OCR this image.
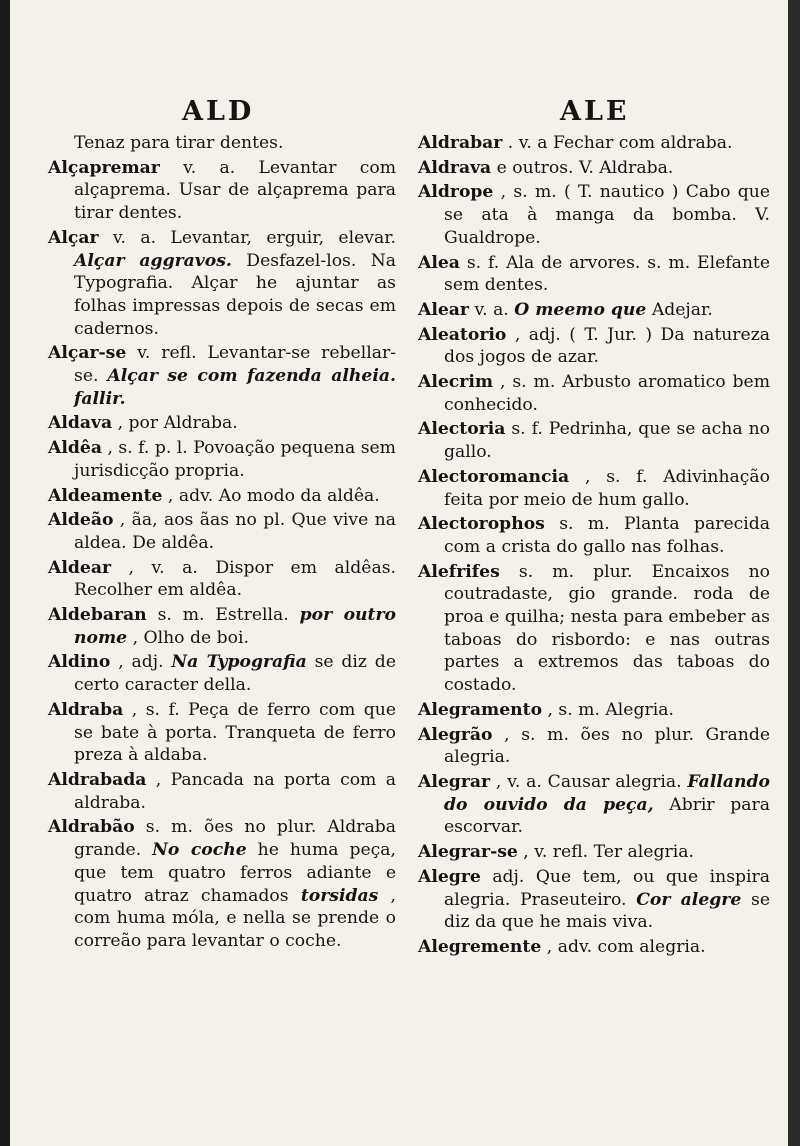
ALD	ALE

Tenaz para tirar dentes.

Alçapremar v. a. Levantar com alçaprema. Usar de alçaprema para tirar dentes.

Alçar v. a. Levantar, erguir, elevar. Alçar aggravos. Desfazel-los. Na Typografia. Alçar he ajuntar as folhas impressas depois de secas em cadernos.

Alçar-se v. refl. Levantar-se rebellar-se. Alçar se com fazenda alheia. fallir.

Aldava , por Aldraba.

Aldêa , s. f. p. l. Povoação pequena sem jurisdicção propria.

Aldeamente , adv. Ao modo da aldêa.

Aldeão , ãa, aos ãas no pl. Que vive na aldea. De aldêa.

Aldear , v. a. Dispor em aldêas. Recolher em aldêa.

Aldebaran s. m. Estrella. por outro nome , Olho de boi.

Aldino , adj. Na Typografia se diz de certo caracter della.

Aldraba , s. f. Peça de ferro com que se bate à porta. Tranqueta de ferro preza à aldaba.

Aldrabada , Pancada na porta com a aldraba.

Aldrabão s. m. ões no plur. Aldraba grande. No coche he huma peça, que tem quatro ferros adiante e quatro atraz chamados torsidas , com huma móla, e nella se prende o correão para levantar o coche.

Aldrabar . v. a Fechar com aldraba.

Aldrava e outros. V. Aldraba.

Aldrope , s. m. ( T. nautico ) Cabo que se ata à manga da bomba. V. Gualdrope.

Alea s. f. Ala de arvores. s. m. Elefante sem dentes.

Alear v. a. O meemo que Adejar.

Aleatorio , adj. ( T. Jur. ) Da natureza dos jogos de azar.

Alecrim , s. m. Arbusto aromatico bem conhecido.

Alectoria s. f. Pedrinha, que se acha no gallo.

Alectoromancia , s. f. Adivinhação feita por meio de hum gallo.

Alectorophos s. m. Planta parecida com a crista do gallo nas folhas.

Alefrifes s. m. plur. Encaixos no coutradaste, gio grande. roda de proa e quilha; nesta para embeber as taboas do risbordo: e nas outras partes a extremos das taboas do costado.

Alegramento , s. m. Alegria.

Alegrão , s. m. ões no plur. Grande alegria.

Alegrar , v. a. Causar alegria. Fallando do ouvido da peça, Abrir para escorvar.

Alegrar-se , v. refl. Ter alegria.

Alegre adj. Que tem, ou que inspira alegria. Praseuteiro. Cor alegre se diz da que he mais viva.

Alegremente , adv. com alegria.
